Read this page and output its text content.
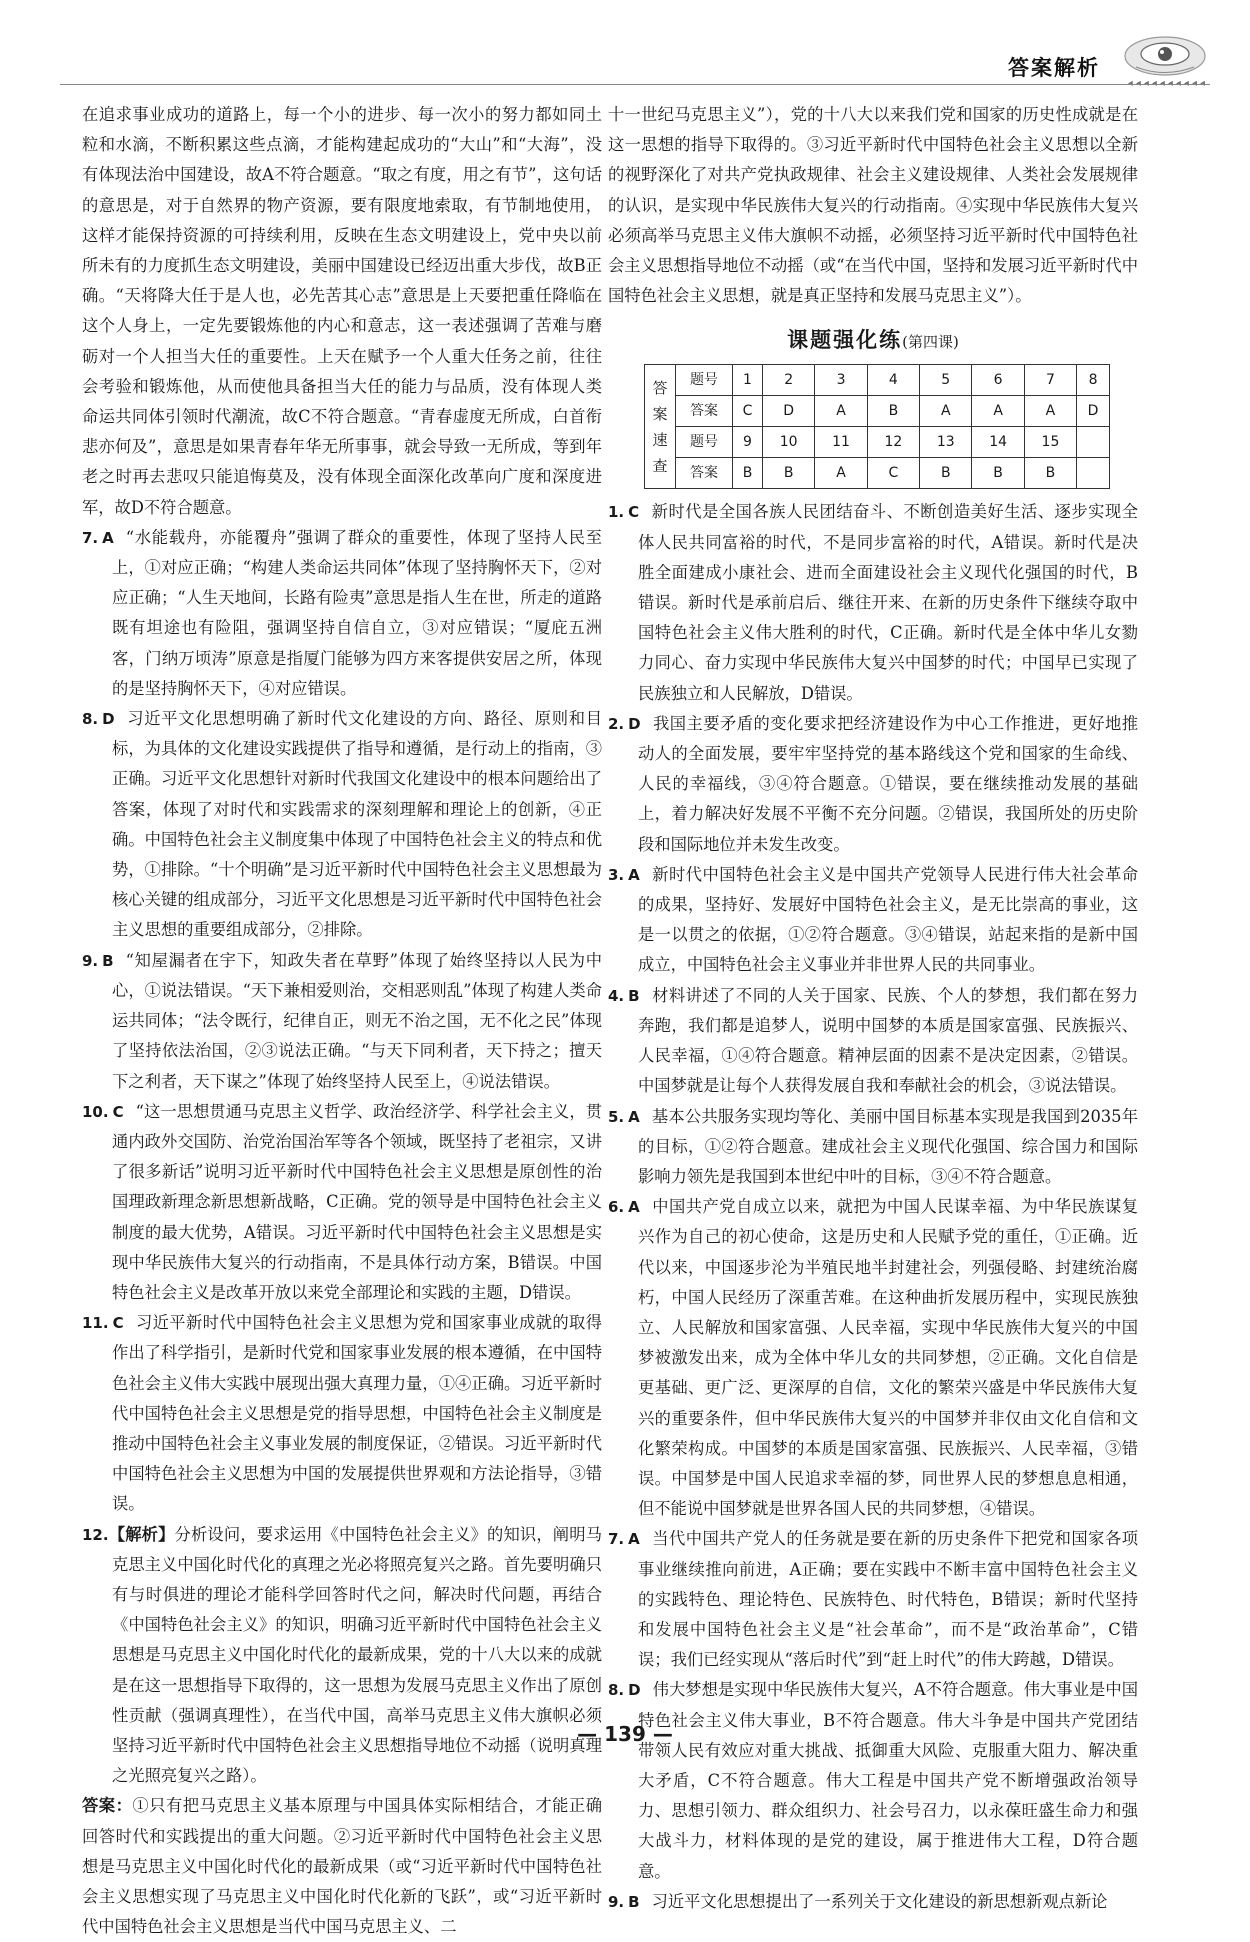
答案解析
◂◂◂◂◂◂◂◂◂◂

在追求事业成功的道路上，每一个小的进步、每一次小的努力都如同土粒和水滴，不断积累这些点滴，才能构建起成功的“大山”和“大海”，没有体现法治中国建设，故A不符合题意。“取之有度，用之有节”，这句话的意思是，对于自然界的物产资源，要有限度地索取，有节制地使用，这样才能保持资源的可持续利用，反映在生态文明建设上，党中央以前所未有的力度抓生态文明建设，美丽中国建设已经迈出重大步伐，故B正确。“天将降大任于是人也，必先苦其心志”意思是上天要把重任降临在这个人身上，一定先要锻炼他的内心和意志，这一表述强调了苦难与磨砺对一个人担当大任的重要性。上天在赋予一个人重大任务之前，往往会考验和锻炼他，从而使他具备担当大任的能力与品质，没有体现人类命运共同体引领时代潮流，故C不符合题意。“青春虚度无所成，白首衔悲亦何及”，意思是如果青春年华无所事事，就会导致一无所成，等到年老之时再去悲叹只能追悔莫及，没有体现全面深化改革向广度和深度进军，故D不符合题意。

7. A “水能载舟，亦能覆舟”强调了群众的重要性，体现了坚持人民至上，①对应正确；“构建人类命运共同体”体现了坚持胸怀天下，②对应正确；“人生天地间，长路有险夷”意思是指人生在世，所走的道路既有坦途也有险阻，强调坚持自信自立，③对应错误；“厦庇五洲客，门纳万顷涛”原意是指厦门能够为四方来客提供安居之所，体现的是坚持胸怀天下，④对应错误。

8. D 习近平文化思想明确了新时代文化建设的方向、路径、原则和目标，为具体的文化建设实践提供了指导和遵循，是行动上的指南，③正确。习近平文化思想针对新时代我国文化建设中的根本问题给出了答案，体现了对时代和实践需求的深刻理解和理论上的创新，④正确。中国特色社会主义制度集中体现了中国特色社会主义的特点和优势，①排除。“十个明确”是习近平新时代中国特色社会主义思想最为核心关键的组成部分，习近平文化思想是习近平新时代中国特色社会主义思想的重要组成部分，②排除。

9. B “知屋漏者在宇下，知政失者在草野”体现了始终坚持以人民为中心，①说法错误。“天下兼相爱则治，交相恶则乱”体现了构建人类命运共同体；“法令既行，纪律自正，则无不治之国，无不化之民”体现了坚持依法治国，②③说法正确。“与天下同利者，天下持之；擅天下之利者，天下谋之”体现了始终坚持人民至上，④说法错误。

10. C “这一思想贯通马克思主义哲学、政治经济学、科学社会主义，贯通内政外交国防、治党治国治军等各个领域，既坚持了老祖宗，又讲了很多新话”说明习近平新时代中国特色社会主义思想是原创性的治国理政新理念新思想新战略，C正确。党的领导是中国特色社会主义制度的最大优势，A错误。习近平新时代中国特色社会主义思想是实现中华民族伟大复兴的行动指南，不是具体行动方案，B错误。中国特色社会主义是改革开放以来党全部理论和实践的主题，D错误。

11. C 习近平新时代中国特色社会主义思想为党和国家事业成就的取得作出了科学指引，是新时代党和国家事业发展的根本遵循，在中国特色社会主义伟大实践中展现出强大真理力量，①④正确。习近平新时代中国特色社会主义思想是党的指导思想，中国特色社会主义制度是推动中国特色社会主义事业发展的制度保证，②错误。习近平新时代中国特色社会主义思想为中国的发展提供世界观和方法论指导，③错误。

12.【解析】分析设问，要求运用《中国特色社会主义》的知识，阐明马克思主义中国化时代化的真理之光必将照亮复兴之路。首先要明确只有与时俱进的理论才能科学回答时代之问，解决时代问题，再结合《中国特色社会主义》的知识，明确习近平新时代中国特色社会主义思想是马克思主义中国化时代化的最新成果，党的十八大以来的成就是在这一思想指导下取得的，这一思想为发展马克思主义作出了原创性贡献（强调真理性），在当代中国，高举马克思主义伟大旗帜必须坚持习近平新时代中国特色社会主义思想指导地位不动摇（说明真理之光照亮复兴之路）。

答案：①只有把马克思主义基本原理与中国具体实际相结合，才能正确回答时代和实践提出的重大问题。②习近平新时代中国特色社会主义思想是马克思主义中国化时代化的最新成果（或“习近平新时代中国特色社会主义思想实现了马克思主义中国化时代化新的飞跃”，或“习近平新时代中国特色社会主义思想是当代中国马克思主义、二

十一世纪马克思主义”），党的十八大以来我们党和国家的历史性成就是在这一思想的指导下取得的。③习近平新时代中国特色社会主义思想以全新的视野深化了对共产党执政规律、社会主义建设规律、人类社会发展规律的认识，是实现中华民族伟大复兴的行动指南。④实现中华民族伟大复兴必须高举马克思主义伟大旗帜不动摇，必须坚持习近平新时代中国特色社会主义思想指导地位不动摇（或“在当代中国，坚持和发展习近平新时代中国特色社会主义思想，就是真正坚持和发展马克思主义”）。

课题强化练(第四课)
答
案
速
查	题号	1	2	3	4	5	6	7	8
	答案	C	D	A	B	A	A	A	D
	题号	9	10	11	12	13	14	15	
	答案	B	B	A	C	B	B	B	

1. C 新时代是全国各族人民团结奋斗、不断创造美好生活、逐步实现全体人民共同富裕的时代，不是同步富裕的时代，A错误。新时代是决胜全面建成小康社会、进而全面建设社会主义现代化强国的时代，B错误。新时代是承前启后、继往开来、在新的历史条件下继续夺取中国特色社会主义伟大胜利的时代，C正确。新时代是全体中华儿女勠力同心、奋力实现中华民族伟大复兴中国梦的时代；中国早已实现了民族独立和人民解放，D错误。

2. D 我国主要矛盾的变化要求把经济建设作为中心工作推进，更好地推动人的全面发展，要牢牢坚持党的基本路线这个党和国家的生命线、人民的幸福线，③④符合题意。①错误，要在继续推动发展的基础上，着力解决好发展不平衡不充分问题。②错误，我国所处的历史阶段和国际地位并未发生改变。

3. A 新时代中国特色社会主义是中国共产党领导人民进行伟大社会革命的成果，坚持好、发展好中国特色社会主义，是无比崇高的事业，这是一以贯之的依据，①②符合题意。③④错误，站起来指的是新中国成立，中国特色社会主义事业并非世界人民的共同事业。

4. B 材料讲述了不同的人关于国家、民族、个人的梦想，我们都在努力奔跑，我们都是追梦人，说明中国梦的本质是国家富强、民族振兴、人民幸福，①④符合题意。精神层面的因素不是决定因素，②错误。中国梦就是让每个人获得发展自我和奉献社会的机会，③说法错误。

5. A 基本公共服务实现均等化、美丽中国目标基本实现是我国到2035年的目标，①②符合题意。建成社会主义现代化强国、综合国力和国际影响力领先是我国到本世纪中叶的目标，③④不符合题意。

6. A 中国共产党自成立以来，就把为中国人民谋幸福、为中华民族谋复兴作为自己的初心使命，这是历史和人民赋予党的重任，①正确。近代以来，中国逐步沦为半殖民地半封建社会，列强侵略、封建统治腐朽，中国人民经历了深重苦难。在这种曲折发展历程中，实现民族独立、人民解放和国家富强、人民幸福，实现中华民族伟大复兴的中国梦被激发出来，成为全体中华儿女的共同梦想，②正确。文化自信是更基础、更广泛、更深厚的自信，文化的繁荣兴盛是中华民族伟大复兴的重要条件，但中华民族伟大复兴的中国梦并非仅由文化自信和文化繁荣构成。中国梦的本质是国家富强、民族振兴、人民幸福，③错误。中国梦是中国人民追求幸福的梦，同世界人民的梦想息息相通，但不能说中国梦就是世界各国人民的共同梦想，④错误。

7. A 当代中国共产党人的任务就是要在新的历史条件下把党和国家各项事业继续推向前进，A正确；要在实践中不断丰富中国特色社会主义的实践特色、理论特色、民族特色、时代特色，B错误；新时代坚持和发展中国特色社会主义是“社会革命”，而不是“政治革命”，C错误；我们已经实现从“落后时代”到“赶上时代”的伟大跨越，D错误。

8. D 伟大梦想是实现中华民族伟大复兴，A不符合题意。伟大事业是中国特色社会主义伟大事业，B不符合题意。伟大斗争是中国共产党团结带领人民有效应对重大挑战、抵御重大风险、克服重大阻力、解决重大矛盾，C不符合题意。伟大工程是中国共产党不断增强政治领导力、思想引领力、群众组织力、社会号召力，以永葆旺盛生命力和强大战斗力，材料体现的是党的建设，属于推进伟大工程，D符合题意。

9. B 习近平文化思想提出了一系列关于文化建设的新思想新观点新论

— 139 —
